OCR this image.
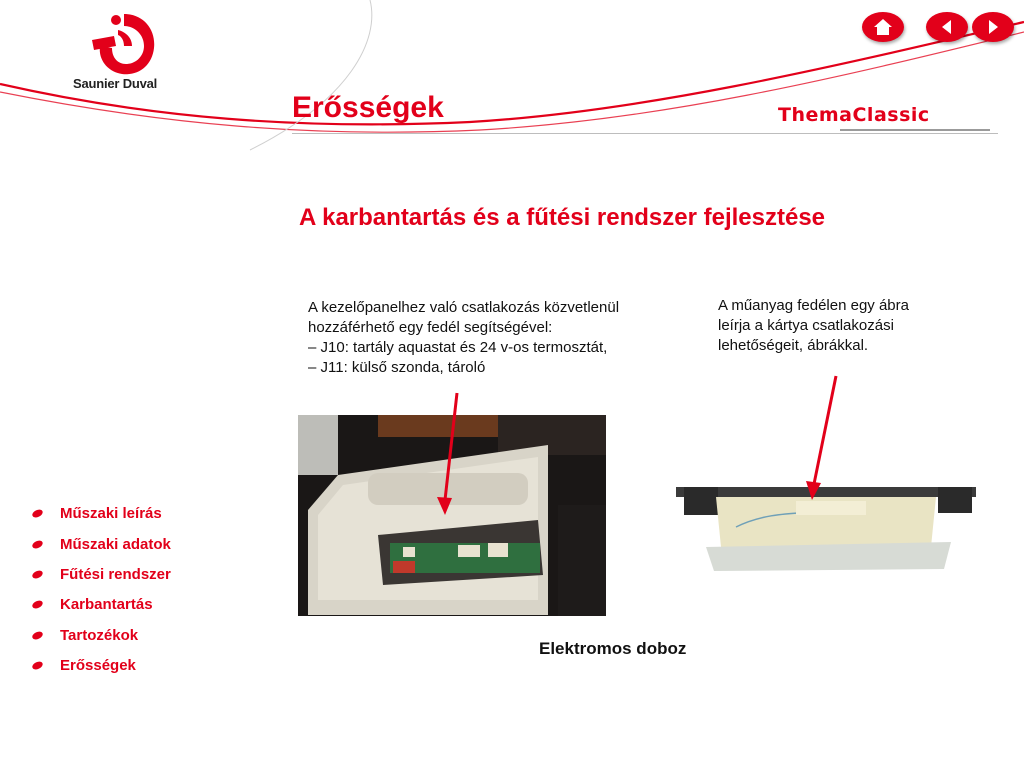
Saunier Duval
Erősségek	ThemaClassic
A karbantartás és a fűtési rendszer fejlesztése
A kezelőpanelhez való csatlakozás közvetlenül
hozzáférhető egy fedél segítségével:
– J10: tartály aquastat és 24 v-os termosztát,
– J11: külső szonda, tároló
A műanyag fedélen egy ábra
leírja a kártya csatlakozási
lehetőségeit, ábrákkal.
Elektromos doboz
Műszaki leírás
Műszaki adatok
Fűtési rendszer
Karbantartás
Tartozékok
Erősségek
